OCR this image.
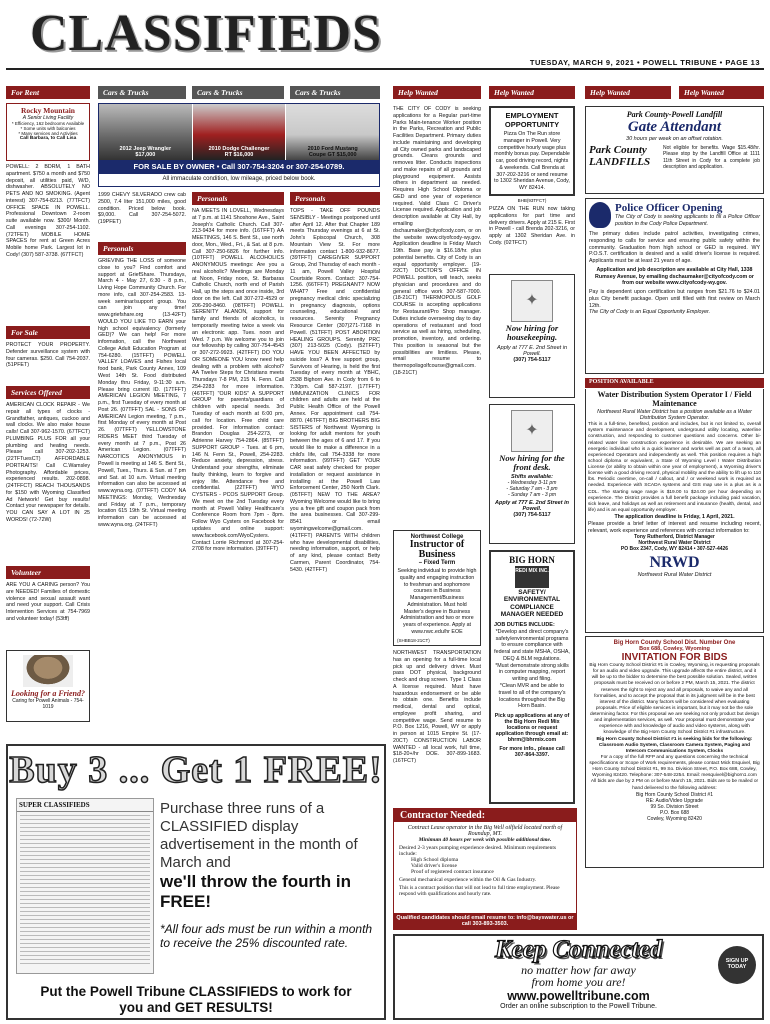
CLASSIFIEDS
TUESDAY, MARCH 9, 2021 • POWELL TRIBUNE • PAGE 13
For Rent	Cars & Trucks	Cars & Trucks	Cars & Trucks	Help Wanted	Help Wanted	Help Wanted	Help Wanted
Rocky Mountain
A Senior Living Facility
* Efficiency, 162 bedrooms Available
* Some units with balconies
* Many services and Activities
Call Barbara, to Call Lisa
POWELL: 2 BDRM, 1 BATH apartment. $750 a month and $750 deposit, all utilities paid, W/D, dishwasher. ABSOLUTELY NO PETS AND NO SMOKING. (Agent interest) 307-754-8213. (77TFCT) OFFICE SPACE IN POWELL. Professional Downtown 2-room suite available now. $300/ Month. Call evenings 307-254-1102. (72TFET) MOBILE HOME SPACES for rent at Green Acres Mobile home Park. Largest lot in Cody! (307) 587-3738. (67TFCT)
For Sale
PROTECT YOUR PROPERTY. Defender surveillance system with four cameras. $250. Call 754-2037. (51PFET)
Services Offered
AMERICAN CLOCK REPAIR - We repair all types of clocks - Grandfather, antiques, cuckoo and wall clocks. We also make house calls! Call 307-962-1570. (67TFCT) PLUMBING PLUS FOR all your plumbing and heating needs. Please call 307-202-1253. (22TFTuesCT) AFFORDABLE PORTRAITS! Call C.Wamsley Photography. Affordable prices, experienced results. 202-0898. (24TFFCT) REACH THOUSANDS for $150 with Wyoming Classified Ad Network! Get buy results! Contact your newspaper for details. YOU CAN SAY A LOT IN 25 WORDS! (72-72W)
Volunteer
ARE YOU A CARING person? You are NEEDED! Families of domestic violence and sexual assault want and need your support. Call Crisis Intervention Services at 754-7969 and volunteer today! (53tff)
Looking for a Friend?
Caring for Powell Animals - 754-1019
2012 Jeep Wrangler
$17,000
2010 Dodge Challenger
RT $16,000
2010 Ford Mustang
Coupe GT $15,000
FOR SALE BY OWNER • Call 307-754-3204 or 307-254-0789.
All immaculate condition, low mileage, priced below book.
1999 CHEVY SILVERADO crew cab 2500, 7.4 liter 151,000 miles, good condition. Priced below book. $9,000. Call 307-254-5072. (19PFET)
Personals
GRIEVING THE LOSS of someone close to you? Find comfort and support at GriefShare. Thursdays, March 4 - May 27, 6:30 - 8 p.m., Living Hope Community Church. For more info, call 307-254-2583. 13-week seminar/support group. You can join any time! www.griefshare.org (13-42FT) WOULD YOU LIKE TO EARN your high school equivalency (formerly GED)? We can help! For more information, call the Northwest College Adult Education Program at 754-6280. (15TFFT) POWELL VALLEY LOAVES and Fishes local food bank, Park County Annex, 109 West 14th St. Food distributed Monday thru Friday, 9-11:30 a.m. Please bring current ID. (17TFFT) AMERICAN LEGION MEETING, 7 p.m., first Tuesday of every month at Post 26. (07TFFT) SAL - SONS OF AMERICAN Legion meeting, 7 p.m., first Monday of every month at Post 26. (07TFFT) YELLOWSTONE RIDERS MEET third Tuesday of every month at 7 p.m., Post 26 American Legion. (07TFFT) NARCOTICS ANONYMOUS in Powell is meeting at 146 S. Bent St., Powell, Tues., Thurs. & Sun. at 7 pm and Sat. at 10 a.m. Virtual meeting information can also be accessed at www.wyna.org. (07TFFT) CODY NA MEETINGS: Monday, Wednesday and Friday at 7 p.m., temporary location 615 19th St. Virtual meeting information can be accessed at www.wyna.org. (24TFFT)
Personals
NA MEETS IN LOVELL, Wednesdays at 7 p.m. at 1141 Shoshone Ave., Saint Joseph's Catholic Church. Call 307-213-9434 for more info. (16TFFT) AA MEETINGS, 146 S. Bent St., use north door, Mon., Wed., Fri., & Sat. at 8 p.m. Call 307-250-6826 for further info. (10TFFT) POWELL ALCOHOLICS ANONYMOUS meetings: Are you a real alcoholic? Meetings are Monday at Noon, Friday noon, St. Barbaras Catholic Church, north end of Parish Hall, up the steps and once inside, 3rd door on the left. Call 307-272-4529 or 206-290-8460. (08TFFT) POWELL SERENITY ALANON, support for family and friends of alcoholics, is temporarily meeting twice a week via an electronic app. Tues. noon and Wed. 7 p.m. We welcome you to join our fellowship by calling 307-754-4543 or 307-272-9923. (42TFFT) DO YOU OR SOMEONE YOU know need help dealing with a problem with alcohol? AA Twelve Steps for Christians meets Thursdays 7-8 PM, 215 N. Fenn. Call 254-2283 for more information. (46TFFT) "OUR KIDS" A SUPPORT GROUP for parents/guardians of children with special needs. 3rd Tuesday of each month at 6:00 pm, call for location. Free child care provided. For information contact: Brandon Douglas 254-2273, or Adrienne Harvey 754-2864. (85TFFT) SUPPORT GROUP - Tues. at 6 pm, 146 N. Fenn St., Powell, 254-2283. Reduce anxiety, depression, stress. Understand your strengths, eliminate faulty thinking, learn to forgive and enjoy life. Attendance free and confidential. (22TFFT) WYO CYSTERS - PCOS SUPPORT Group. We meet on the 2nd Tuesday every month at Powell Valley Healthcare's Conference Room from 7pm - 8pm. Follow Wyo Cysters on Facebook for updates and online support: www.facebook.com/WyoCysters. Contact Lorrie Richmond at 307-254-2708 for more information. (39TFFT)
Personals
TOPS - TAKE OFF POUNDS SENSIBLY - Meetings postponed until after April 12. After that Chapter 189 meets Thursday evenings at 6 at St. John's Episcopal Church, 308 Mountain View St. For more information contact 1-800-932-8677. (39TFFT) CAREGIVER SUPPORT Group, 2nd Thursday of each month - 11 am, Powell Valley Hospital Courtside Room. Contact: 307-754-1256. (66TFFT) PREGNANT? NOW WHAT? Free and confidential pregnancy medical clinic specializing in pregnancy diagnosis, options counseling, educational and resources. Serenity Pregnancy Resource Center (307)271-7168 in Powell. (51TFFT) POST ABORTION HEALING GROUPS. Serenity PRC (307) 213-5025 (Cody). (52TFFT) HAVE YOU BEEN AFFECTED by suicide loss? A free support group, Survivors of Hearing, is held the first Tuesday of every month at YBHC, 2538 Bighorn Ave. in Cody from 6 to 7:30pm. Call 587-2197. (17TFFT) IMMUNIZATION CLINICS FOR children and adults are held at the Public Health Office of the Powell Annex. For appointment call 754-8870. (46TFFT) BIG BROTHERS BIG SISTERS of Northwest Wyoming is looking for adult mentors for youth between the ages of 6 and 17. If you would like to make a difference in a child's life, call 754-3338 for more information. (99TFFT) GET YOUR CAR seat safety checked for proper installation or request assistance in installing at the Powell Law Enforcement Center, 250 North Clark. (05TFFT) NEW TO THE AREA? Wyoming Welcome would like to bring you a free gift and coupon pack from the area businesses. Call 307-299-8541 or email wyomingwelcome@gmail.com. (41TFFT) PARENTS WITH children who have developmental disabilities, needing information, support, or help of any kind, please contact Betty Carmen, Parent Coordinator, 754-5430. (42TFFT)
THE CITY OF CODY is seeking applications for a Regular part-time Parks Main-tenance Worker position in the Parks, Recreation and Public Facilities Department. Primary duties include maintaining and developing all City owned parks and landscaped grounds. Cleans grounds and removes litter. Conducts inspections and make repairs of all grounds and playground equipment. Assists others in department as needed. Requires High School Diploma or GED and one year of experience required. Valid Class C Driver's License required. Application and job description available at City Hall, by emailing dschaumaker@cityofcody.com, or on the website www.cityofcody-wy.gov. Application deadline is Friday March 19th. Base pay is $16.18/hr. plus potential benefits. City of Cody is an equal opportunity employer. (19-22CT) DOCTOR'S OFFICE IN POWELL position, will teach, seeks physician and procedures and do general office work 307-587-7000. (18-21CT) THERMOPOLIS GOLF COURSE is accepting applications for Restaurant/Pro Shop manager. Duties include overseeing day to day operations of restaurant and food service as well as hiring, scheduling, promotion, inventory, and ordering. This position is seasonal but the possibilities are limitless. Please, email resume to thermopolisgolfcourse@gmail.com. (18-21CT)
Northwest College
Instructor of Business
– Fixed Term
Seeking individual to provide high quality and engaging instruction to freshman and sophomore courses in Business Management/Business Administration. Must hold Master's degree in Business Administration and two or more years of experience. Apply at www.nwc.edu/hr EOE
(SHBB18-21CT)
NORTHWEST TRANSPORTATION has an opening for a full-time local pick up and delivery driver. Must pass DOT physical, background check and drug screen. Type 1 Class A license required. Must have hazardous endorsement or be able to obtain one. Benefits include medical, dental and optical, employee profit sharing, and competitive wage. Send resume to P.O. Box 1216, Powell, WY or apply in person at 1015 Empire St. (17-20CT) CONSTRUCTION LABOR WANTED - all local work, full time, $18-20+/hr DOE. 307-899-1683. (16TFCT)
EMPLOYMENT OPPORTUNITY
Pizza On The Run store manager in Powell. Very competitive hourly wage plus monthly bonus pay. Dependable car, good driving record, nights & weekends. Call Brenda at 307-202-3216 or send resume to 1302 Sheridan Avenue, Cody, WY 82414.
BHB(93TFCT)
PIZZA ON THE RUN now taking applications for part time and delivery drivers. Apply at 215 E. First in Powell - call Brenda 202-3216, or apply at 1302 Sheridan Ave. in Cody. (02TFCT)
✦
Now hiring for housekeeping.
Apply at 777 E. 2nd Street in Powell.
(307) 754-5117
✦
Now hiring for the front desk.
Shifts available:
- Wednesday 3-11 pm
- Saturday 7 am - 3 pm
- Sunday 7 am - 3 pm
Apply at 777 E. 2nd Street in Powell.
(307) 754-5117
BIG HORN
REDI MIX INC.
SAFETY/ ENVIRONMENTAL COMPLIANCE MANAGER NEEDED
JOB DUTIES INCLUDE:
*Develop and direct company's safety/environmental programs to ensure compliance with federal and state MSHA, OSHA, DEQ & BLM regulations.
*Must demonstrate strong skills in computer mapping, report writing and filing.
*Clean MVR and be able to travel to all of the company's locations throughout the Big Horn Basin.
Pick up applications at any of the Big Horn Redi Mix locations or request application through email at: bhrm@bhrmix.com
For more info., please call 307-864-3397.
Park County-Powell Landfill
Gate Attendant
30 hours per week on an offset rotation.
Park County LANDFILLS
Not eligible for benefits. Wage $15.48/hr. Please stop by the Landfill Office at 1111 11th Street in Cody for a complete job description and application.
Police Officer Opening
The City of Cody is seeking applicants to fill a Police Officer position in the Cody Police Department.
The primary duties include patrol activities, investigating crimes, responding to calls for service and ensuring public safety within the community. Graduation from high school or GED is required. WY P.O.S.T. certification is desired and a valid driver's license is required. Applicants must be at least 21 years of age.
Application and job description are available at City Hall, 1338 Rumsey Avenue, by emailing dschaumaker@cityofcody.com or from our website www.cityofcody-wy.gov.
Pay is dependent upon certification but ranges from $21.76 to $24.01 plus City benefit package. Open until filled with first review on March 12th.
The City of Cody is an Equal Opportunity Employer.
POSITION AVAILABLE
Water Distribution System Operator I / Field Maintenance
Northwest Rural Water District has a position available as a Water Distribution System Operator.
This is a full-time, benefited, position and includes, but is not limited to, overall system maintenance and development, underground utility locating, waterline construction, and responding to customer questions and concerns. Other bi-related water line construction experience is desirable. We are seeking an energetic individual who is a quick learner and works well as part of a team, all experienced Operators and independently as well. This position requires a high school diploma or equivalent, a State of Wyoming Level I Water Distribution License (or ability to obtain within one year of employment), a Wyoming driver's license with a good driving record, physical mobility and the ability to lift up to 110 lbs. Periodic overtime, on-call / callout, and / or weekend work is required as needed. Experience with SCADA systems and GIS map use is a plus as is a CDL. The starting wage range is $19.00 to $24.00 per hour depending on experience. The District provides a full benefit package including paid vacation, sick leave, and holidays as well as retirement and insurance (health, dental, and life) and is an equal opportunity employer.
The application deadline is Friday, 1 April, 2021.
Please provide a brief letter of interest and resume including recent, relevant, work experience and references with contact information to:
Tony Rutherford, District Manager
Northwest Rural Water District
PO Box 2347, Cody, WY 82414 • 307-527-4426
NRWD
Northwest Rural Water District
Big Horn County School Dist. Number One
Box 688, Cowley, Wyoming
INVITATION FOR BIDS
Big Horn County School District #1 in Cowley, Wyoming, is requesting proposals for an audio and video upgrade. This upgrade affects the entire district, and it will be up to the bidder to determine the best possible solution. Sealed, written proposals must be received on or before 2 PM, March 15, 2021. The district reserves the right to reject any and all proposals, to waive any and all formalities, and to accept the proposal that in its judgment will be in the best interest of the district. Many factors will be considered when evaluating proposals. Price of eligible services is important, but it may not be the sole determining factor. For this proposal we are seeking not only product but design and implementation services, as well. Your proposal must demonstrate your experience with and knowledge of audio and video systems, along with knowledge of the Big Horn County School District #1 infrastructure.
Big Horn County School District #1 is seeking bids for the following: Classroom Audio System, Classroom Camera System, Paging and Intercom Communications System, Clocks
For a copy of the full RFP and any questions concerning the technical specifications or Scope of Work requirements, please contact Mick Esquivel, Big Horn County School District #1, 99 So. Division Street, P.O. Box 688, Cowley, Wyoming 82420. Telephone: 307-548-2254. Email: mesquivel@bighorn1.com
All bids are due by 2 PM on or before March 15, 2021. Bids are to be mailed or hand delivered to the following address:
Big Horn County School District #1
RE: Audio/Video Upgrade
99 So. Division Street
P.O. Box 688
Cowley, Wyoming 82420
Contractor Needed:
Contract Lease operator in the Big Well oilfield located north of Roundup, MT.
Minimum 40 hours per week with possible additional time.
Desired 2-3 years pumping experience desired. Minimum requirements include:
High School diploma
Valid driver's license
Proof of registered contract insurance
General mechanical experience within the Oil & Gas Industry.
This is a contract position that will not lead to full time employment. Please respond with qualifications and hourly rate.
Qualified candidates should email resume to: info@bayswater.us or call 303-893-3503.
Buy 3 ... Get 1 FREE!
SUPER CLASSIFIEDS	Purchase three runs of a CLASSIFIED display advertisement in the month of March and
we'll throw the fourth in FREE!
*All four ads must be run within a month to receive the 25% discounted rate.
Put the Powell Tribune CLASSIFIEDS to work for you and GET RESULTS!
Keep Connected
no matter how far away
from home you are!
www.powelltribune.com
Order an online subscription to the Powell Tribune.
SIGN UP TODAY
